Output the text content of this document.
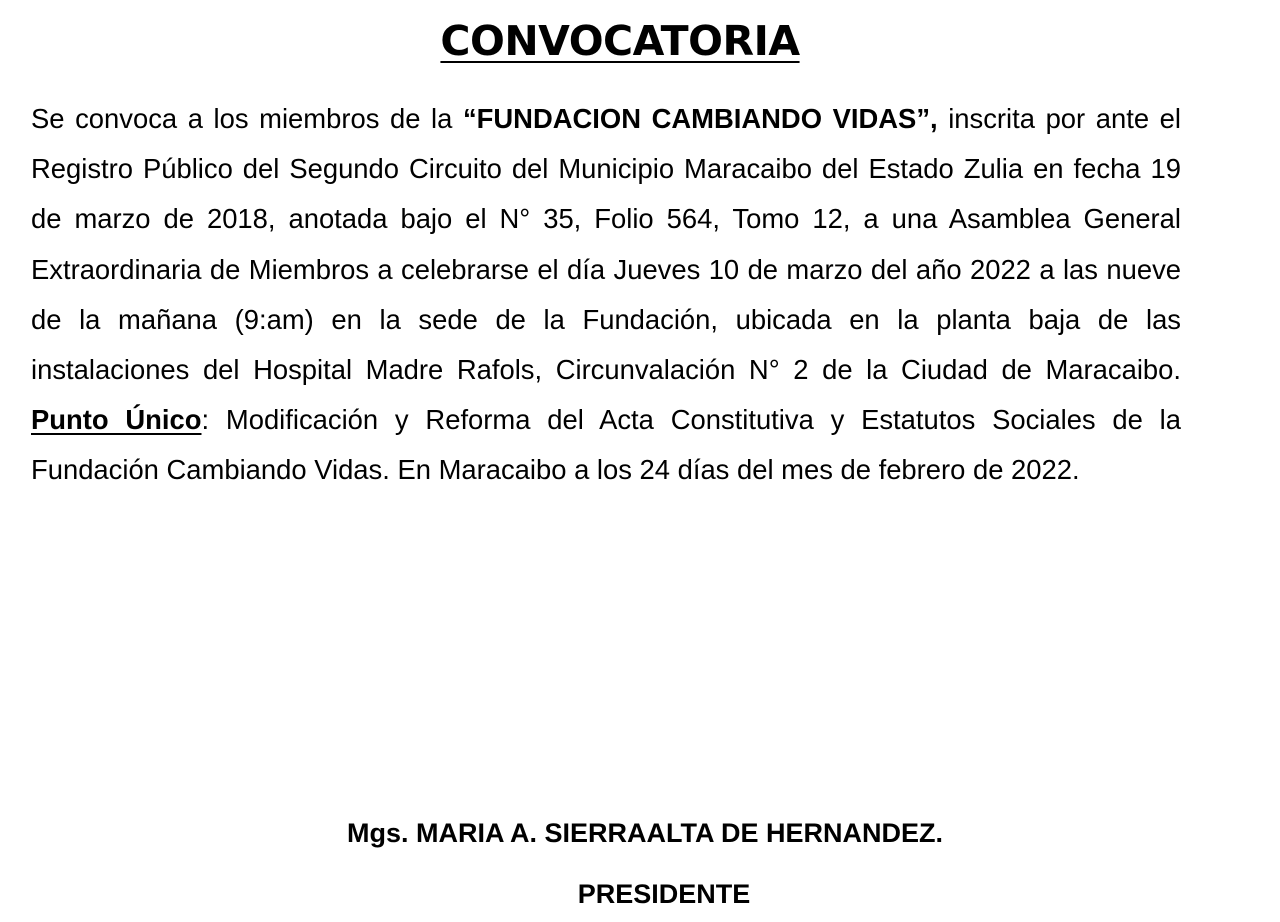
CONVOCATORIA

Se convoca a los miembros de la “FUNDACION CAMBIANDO VIDAS”, inscrita por ante el Registro Público del Segundo Circuito del Municipio Maracaibo del Estado Zulia en fecha 19 de marzo de 2018, anotada bajo el N° 35, Folio 564, Tomo 12, a una Asamblea General Extraordinaria de Miembros a celebrarse el día Jueves 10 de marzo del año 2022 a las nueve de la mañana (9:am) en la sede de la Fundación, ubicada en la planta baja de las instalaciones del Hospital Madre Rafols, Circunvalación N° 2 de la Ciudad de Maracaibo. Punto Único: Modificación y Reforma del Acta Constitutiva y Estatutos Sociales de la Fundación Cambiando Vidas. En Maracaibo a los 24 días del mes de febrero de 2022.

Mgs. MARIA A. SIERRAALTA DE HERNANDEZ.
PRESIDENTE
